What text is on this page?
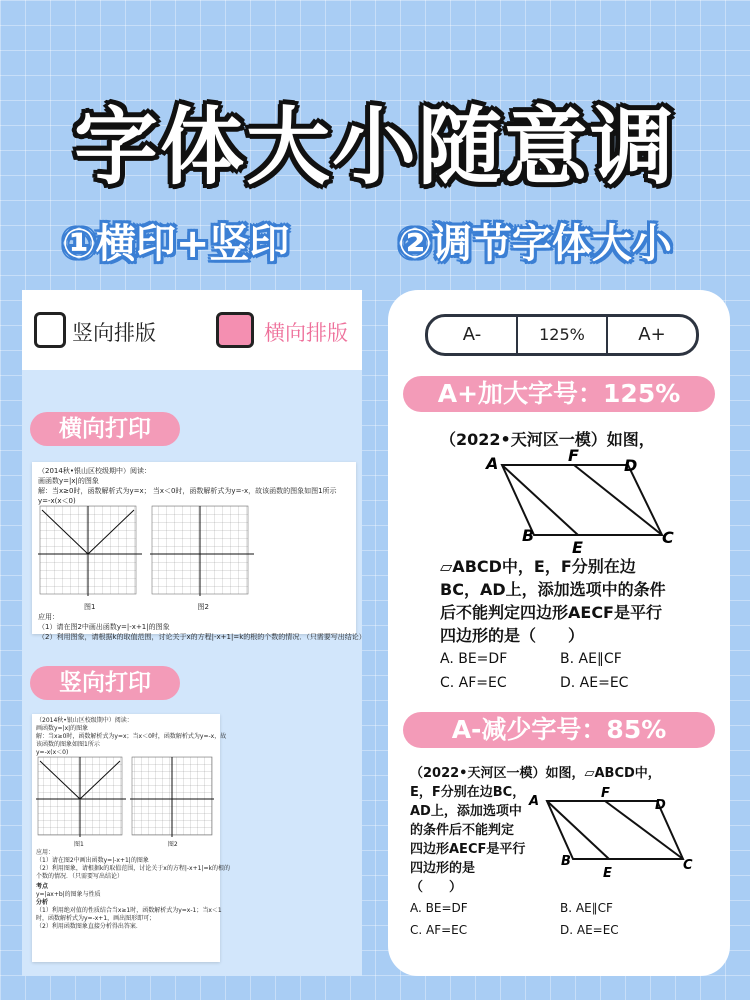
字体大小随意调
①横印+竖印	②调节字体大小
竖向排版	横向排版
横向打印

（2014秋•银山区校级期中）阅读：

画函数y=|x|的图象

解：当x≥0时，函数解析式为y=x； 当x＜0时，函数解析式为y=-x，故该函数的图象如图1所示

y=-x(x＜0)

图1	图2

应用：

（1）请在图2中画出函数y=|-x+1|的图象

（2）利用图象，请根据k的取值范围，讨论关于x的方程|-x+1|=k的根的个数的情况．（只需要写出结论）

竖向打印

（2014秋•银山区校级期中）阅读：

画函数y=|x|的图象

解：当x≥0时，函数解析式为y=x；当x＜0时，函数解析式为y=-x，故

该函数的图象如图1所示

y=-x(x＜0)

图1	图2

应用：

（1）请在图2中画出函数y=|-x+1|的图象

（2）利用图象，请根据k的取值范围，讨论关于x的方程|-x+1|=k的根的

个数的情况．（只需要写出结论）

考点

y=|ax+b|的图象与性质

分析

（1）利用绝对值的性质结合当x≥1时，函数解析式为y=x-1；当x＜1

时，函数解析式为y=-x+1，画出图形即可；

（2）利用函数图象直接分析得出答案．

A-	125%	A+
A+加大字号：125%

（2022•天河区一模）如图，

A	F
D
B
E
C

▱ABCD中，E，F分别在边

BC，AD上，添加选项中的条件

后不能判定四边形AECF是平行

四边形的是（　　）

A. BE=DF	B. AE∥CF
C. AF=EC	D. AE=EC
A-减少字号：85%

（2022•天河区一模）如图，▱ABCD中，

E，F分别在边BC，

AD上，添加选项中

的条件后不能判定

四边形AECF是平行

四边形的是

（　　）

A
F
D
B
E
C
A. BE=DF	B. AE∥CF
C. AF=EC	D. AE=EC
